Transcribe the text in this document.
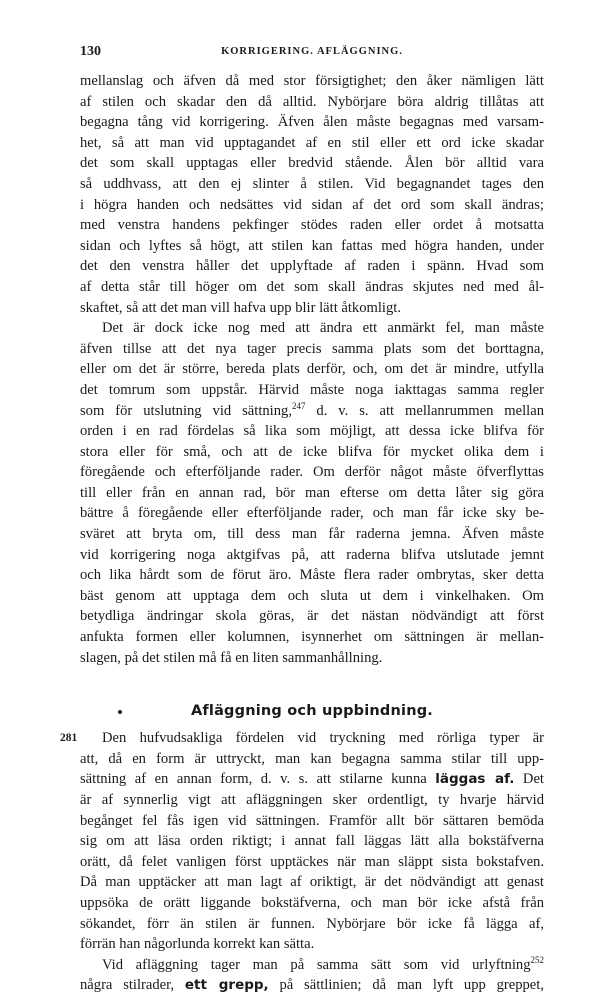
130	KORRIGERING. AFLÄGGNING.
mellanslag och äfven då med stor försigtighet; den åker nämligen lätt
af stilen och skadar den då alltid. Nybörjare böra aldrig tillåtas att
begagna tång vid korrigering. Äfven ålen måste begagnas med varsam-
het, så att man vid upptagandet af en stil eller ett ord icke skadar
det som skall upptagas eller bredvid stående. Ålen bör alltid vara
så uddhvass, att den ej slinter å stilen. Vid begagnandet tages den
i högra handen och nedsättes vid sidan af det ord som skall ändras;
med venstra handens pekfinger stödes raden eller ordet å motsatta
sidan och lyftes så högt, att stilen kan fattas med högra handen, under
det den venstra håller det upplyftade af raden i spänn. Hvad som
af detta står till höger om det som skall ändras skjutes ned med ål-
skaftet, så att det man vill hafva upp blir lätt åtkomligt.
Det är dock icke nog med att ändra ett anmärkt fel, man måste
äfven tillse att det nya tager precis samma plats som det borttagna,
eller om det är större, bereda plats derför, och, om det är mindre, utfylla
det tomrum som uppstår. Härvid måste noga iakttagas samma regler
som för utslutning vid sättning,$^{247}$ d. v. s. att mellanrummen mellan
orden i en rad fördelas så lika som möjligt, att dessa icke blifva för
stora eller för små, och att de icke blifva för mycket olika dem i
föregående och efterföljande rader. Om derför något måste öfverflyttas
till eller från en annan rad, bör man efterse om detta låter sig göra
bättre å föregående eller efterföljande rader, och man får icke sky be-
sväret att bryta om, till dess man får raderna jemna. Äfven måste
vid korrigering noga aktgifvas på, att raderna blifva utslutade jemnt
och lika hårdt som de förut äro. Måste flera rader ombrytas, sker detta
bäst genom att upptaga dem och sluta ut dem i vinkelhaken. Om
betydliga ändringar skola göras, är det nästan nödvändigt att först
anfukta formen eller kolumnen, isynnerhet om sättningen är mellan-
slagen, på det stilen må få en liten sammanhållning.
Afläggning och uppbindning.
281 Den hufvudsakliga fördelen vid tryckning med rörliga typer är
att, då en form är uttryckt, man kan begagna samma stilar till upp-
sättning af en annan form, d. v. s. att stilarne kunna läggas af. Det
är af synnerlig vigt att afläggningen sker ordentligt, ty hvarje härvid
begånget fel fås igen vid sättningen. Framför allt bör sättaren bemöda
sig om att läsa orden riktigt; i annat fall läggas lätt alla bokstäfverna
orätt, då felet vanligen först upptäckes när man släppt sista bokstafven.
Då man upptäcker att man lagt af oriktigt, är det nödvändigt att genast
uppsöka de orätt liggande bokstäfverna, och man bör icke afstå från
sökandet, förr än stilen är funnen. Nybörjare bör icke få lägga af,
förrän han någorlunda korrekt kan sätta.
Vid afläggning tager man på samma sätt som vid urlyftning$^{252}$
några stilrader, ett grepp, på sättlinien; då man lyft upp greppet,
